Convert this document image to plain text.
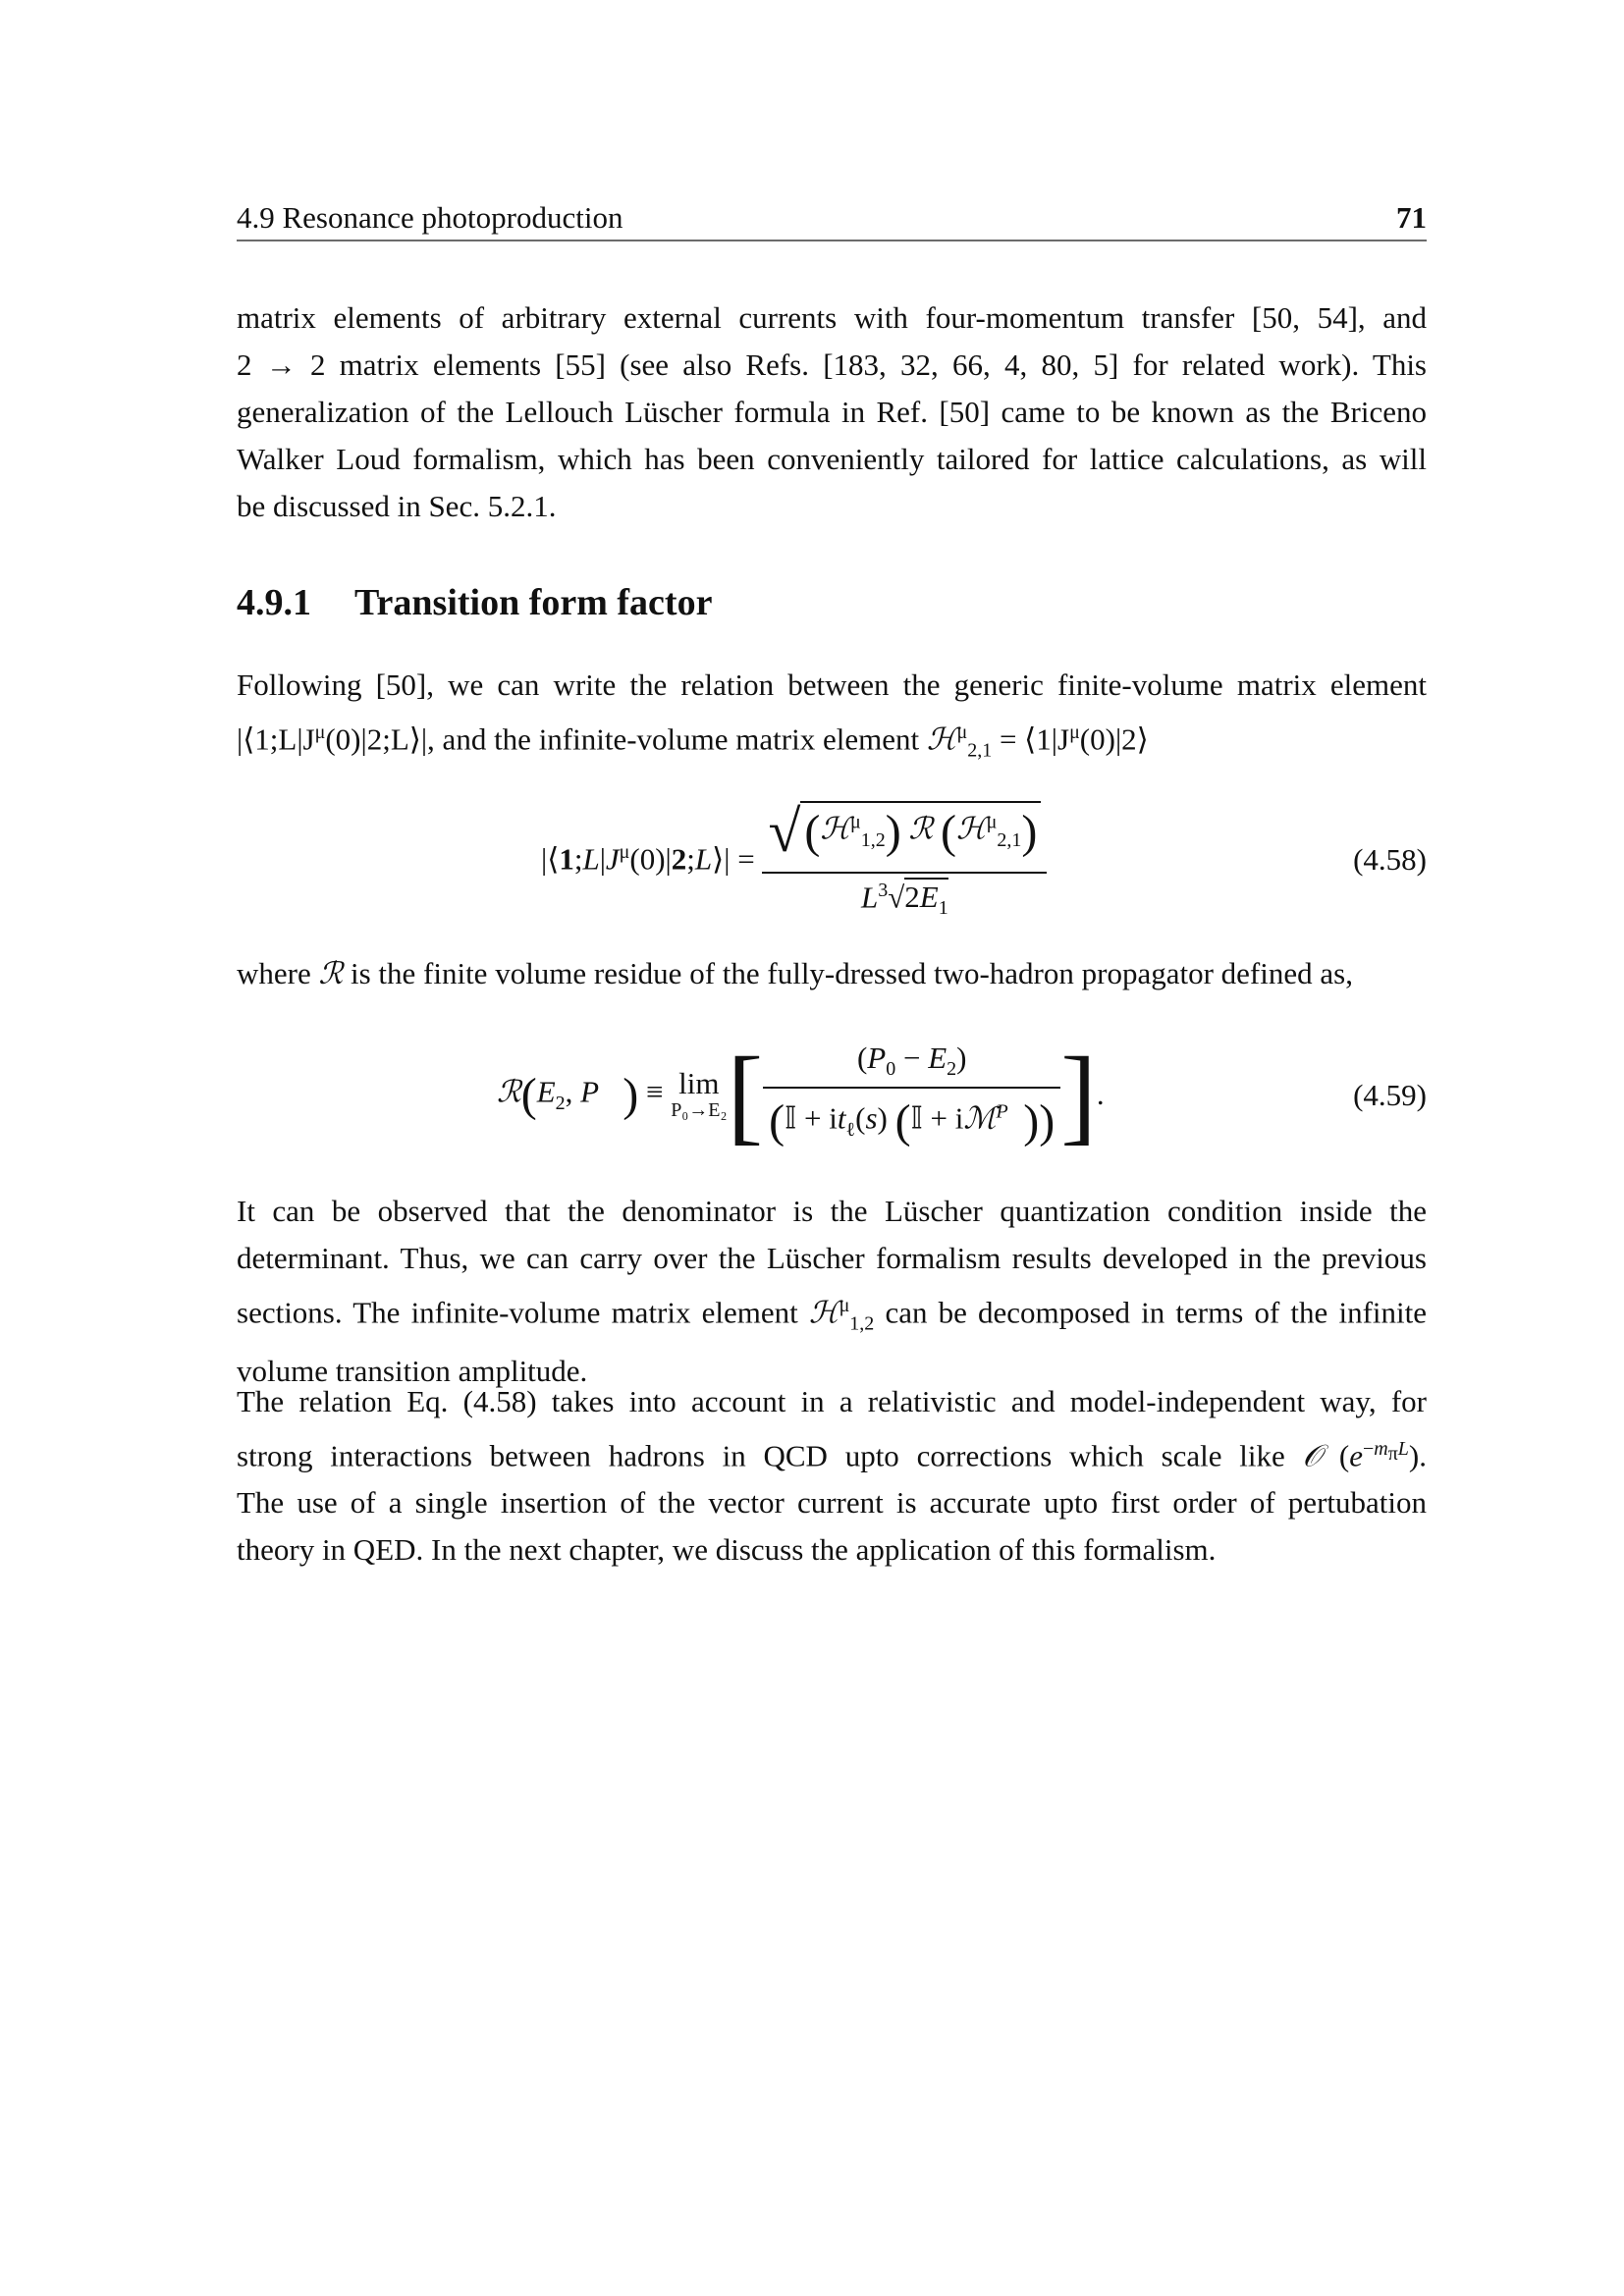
4.9 Resonance photoproduction	71
matrix elements of arbitrary external currents with four-momentum transfer [50, 54], and
2 → 2 matrix elements [55] (see also Refs. [183, 32, 66, 4, 80, 5] for related work). This
generalization of the Lellouch Lüscher formula in Ref. [50] came to be known as the Briceno
Walker Loud formalism, which has been conveniently tailored for lattice calculations, as will
be discussed in Sec. 5.2.1.
4.9.1 Transition form factor
Following [50], we can write the relation between the generic finite-volume matrix element
$|⟨1;L|J^\mu(0)|2;L⟩|$, and the infinite-volume matrix element ℋ$^\mu_{2,1}$ = $⟨1|J^\mu(0)|2⟩$
$|⟨1;L|J^\mu(0)|2;L⟩| = \frac{√(ℋ^\mu_{1,2}) ℛ (ℋ^\mu_{2,1})}{L^3√2E_1}$	(4.58)
where ℛ is the finite volume residue of the fully-dressed two-hadron propagator defined as,
$ℛ(E_2$, P⃗) ≡ lim
P₀→E₂ [ $\frac{(P_0 - E_2)}{(𝕀 + it_\ell(s) (𝕀 + iℳ^{P⃗}))}$ ] .	(4.59)
It can be observed that the denominator is the Lüscher quantization condition inside the
determinant. Thus, we can carry over the Lüscher formalism results developed in the previous
sections. The infinite-volume matrix element ℋ$^\mu_{1,2}$ can be decomposed in terms of the infinite
volume transition amplitude.
The relation Eq. (4.58) takes into account in a relativistic and model-independent way, for
strong interactions between hadrons in QCD upto corrections which scale like 𝒪 $(e^{-m_\pi L})$.
The use of a single insertion of the vector current is accurate upto first order of pertubation
theory in QED. In the next chapter, we discuss the application of this formalism.
